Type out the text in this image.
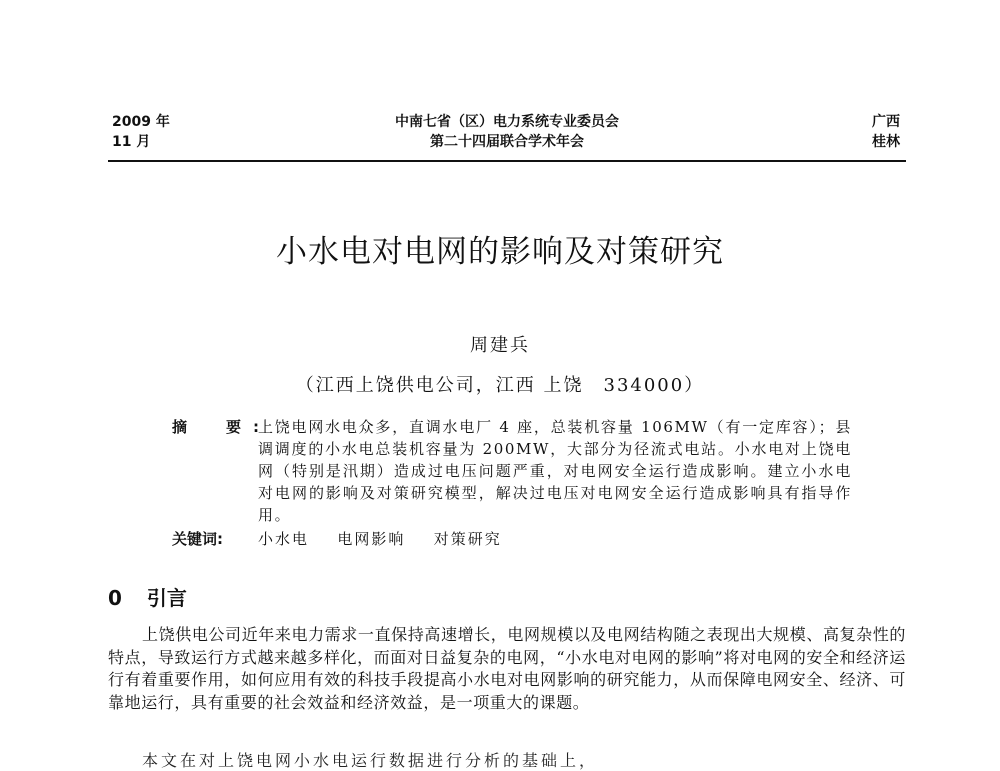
2009 年
11 月
中南七省（区）电力系统专业委员会
第二十四届联合学术年会
广西
桂林
小水电对电网的影响及对策研究
周建兵
（江西上饶供电公司，江西 上饶　334000）
摘　要:
上饶电网水电众多，直调水电厂 4 座，总装机容量 106MW（有一定库容）；县调调度的小水电总装机容量为 200MW，大部分为径流式电站。小水电对上饶电网（特别是汛期）造成过电压问题严重，对电网安全运行造成影响。建立小水电对电网的影响及对策研究模型，解决过电压对电网安全运行造成影响具有指导作用。
关键词: 小水电 电网影响 对策研究
0 引言
上饶供电公司近年来电力需求一直保持高速增长，电网规模以及电网结构随之表现出大规模、高复杂性的特点，导致运行方式越来越多样化，而面对日益复杂的电网，“小水电对电网的影响”将对电网的安全和经济运行有着重要作用，如何应用有效的科技手段提高小水电对电网影响的研究能力，从而保障电网安全、经济、可靠地运行，具有重要的社会效益和经济效益，是一项重大的课题。
本文在对上饶电网小水电运行数据进行分析的基础上，
